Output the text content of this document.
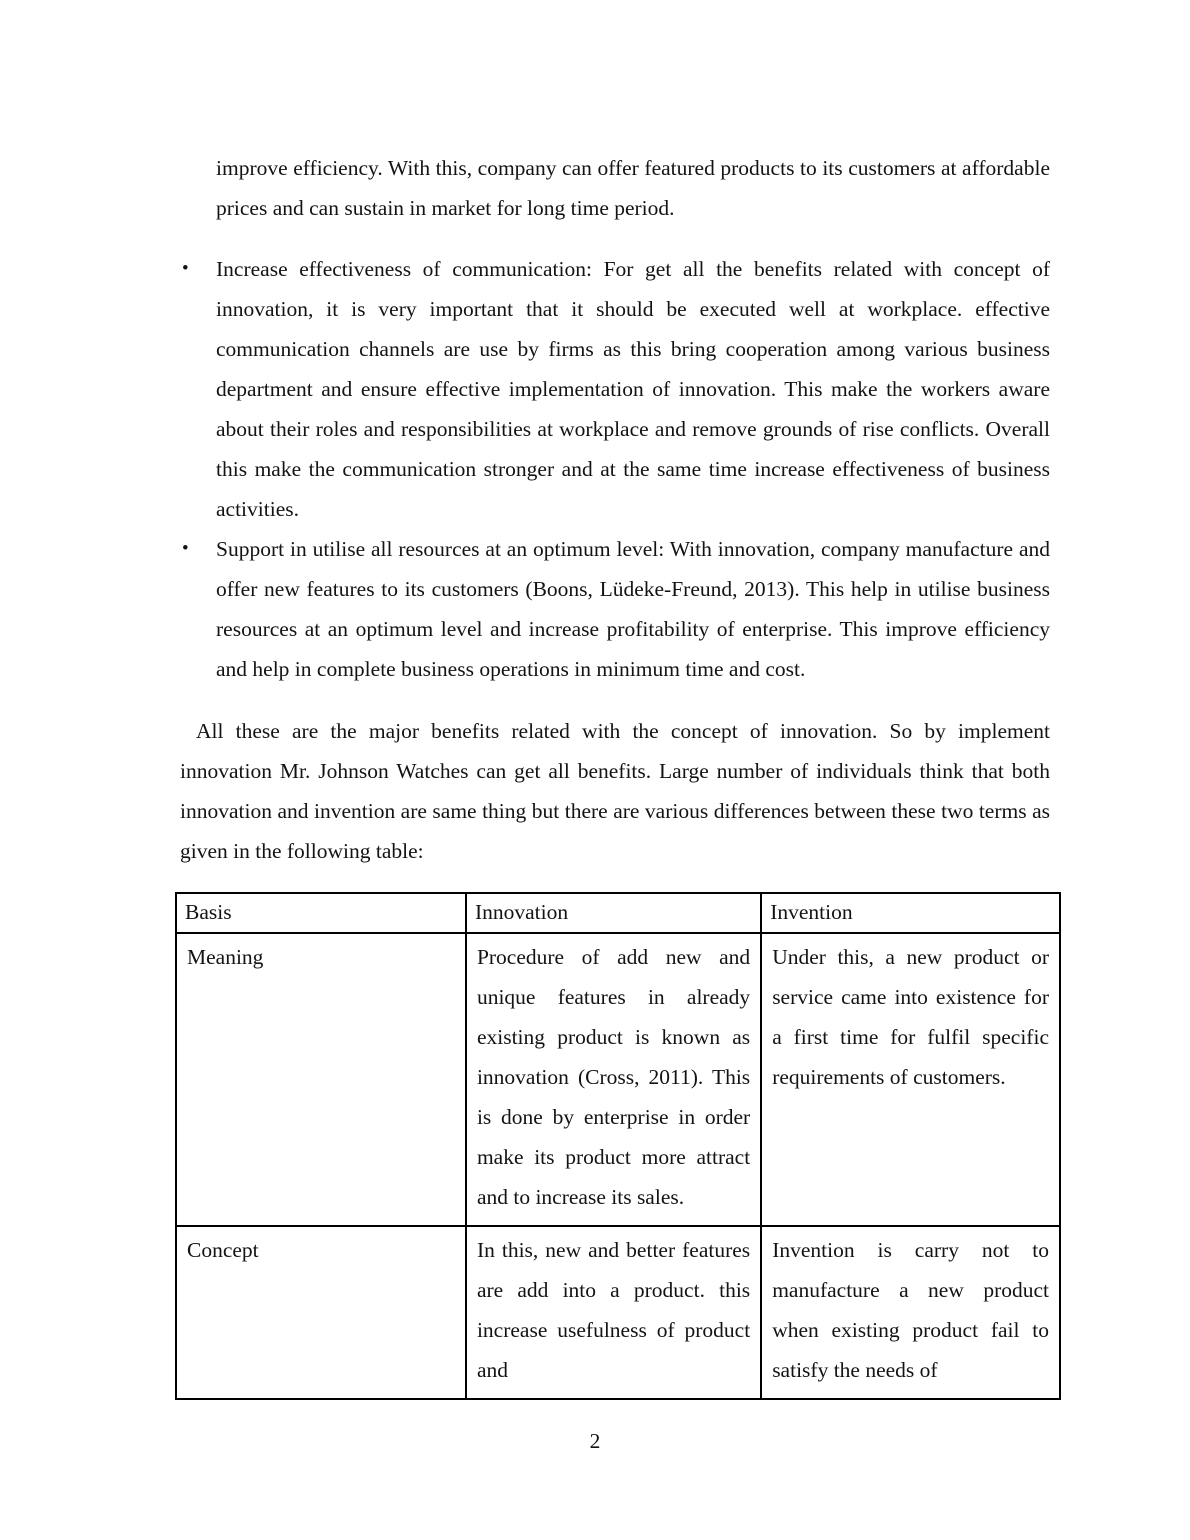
improve efficiency. With this, company can offer featured products to its customers at affordable prices and can sustain in market for long time period.

• Increase effectiveness of communication: For get all the benefits related with concept of innovation, it is very important that it should be executed well at workplace. effective communication channels are use by firms as this bring cooperation among various business department and ensure effective implementation of innovation. This make the workers aware about their roles and responsibilities at workplace and remove grounds of rise conflicts. Overall this make the communication stronger and at the same time increase effectiveness of business activities.
• Support in utilise all resources at an optimum level: With innovation, company manufacture and offer new features to its customers (Boons, Lüdeke-Freund, 2013). This help in utilise business resources at an optimum level and increase profitability of enterprise. This improve efficiency and help in complete business operations in minimum time and cost.

All these are the major benefits related with the concept of innovation. So by implement innovation Mr. Johnson Watches can get all benefits. Large number of individuals think that both innovation and invention are same thing but there are various differences between these two terms as given in the following table:

Basis	Innovation	Invention
Meaning	Procedure of add new and unique features in already existing product is known as innovation (Cross, 2011). This is done by enterprise in order make its product more attract and to increase its sales.	Under this, a new product or service came into existence for a first time for fulfil specific requirements of customers.
Concept	In this, new and better features are add into a product. this increase usefulness of product and	Invention is carry not to manufacture a new product when existing product fail to satisfy the needs of
2
